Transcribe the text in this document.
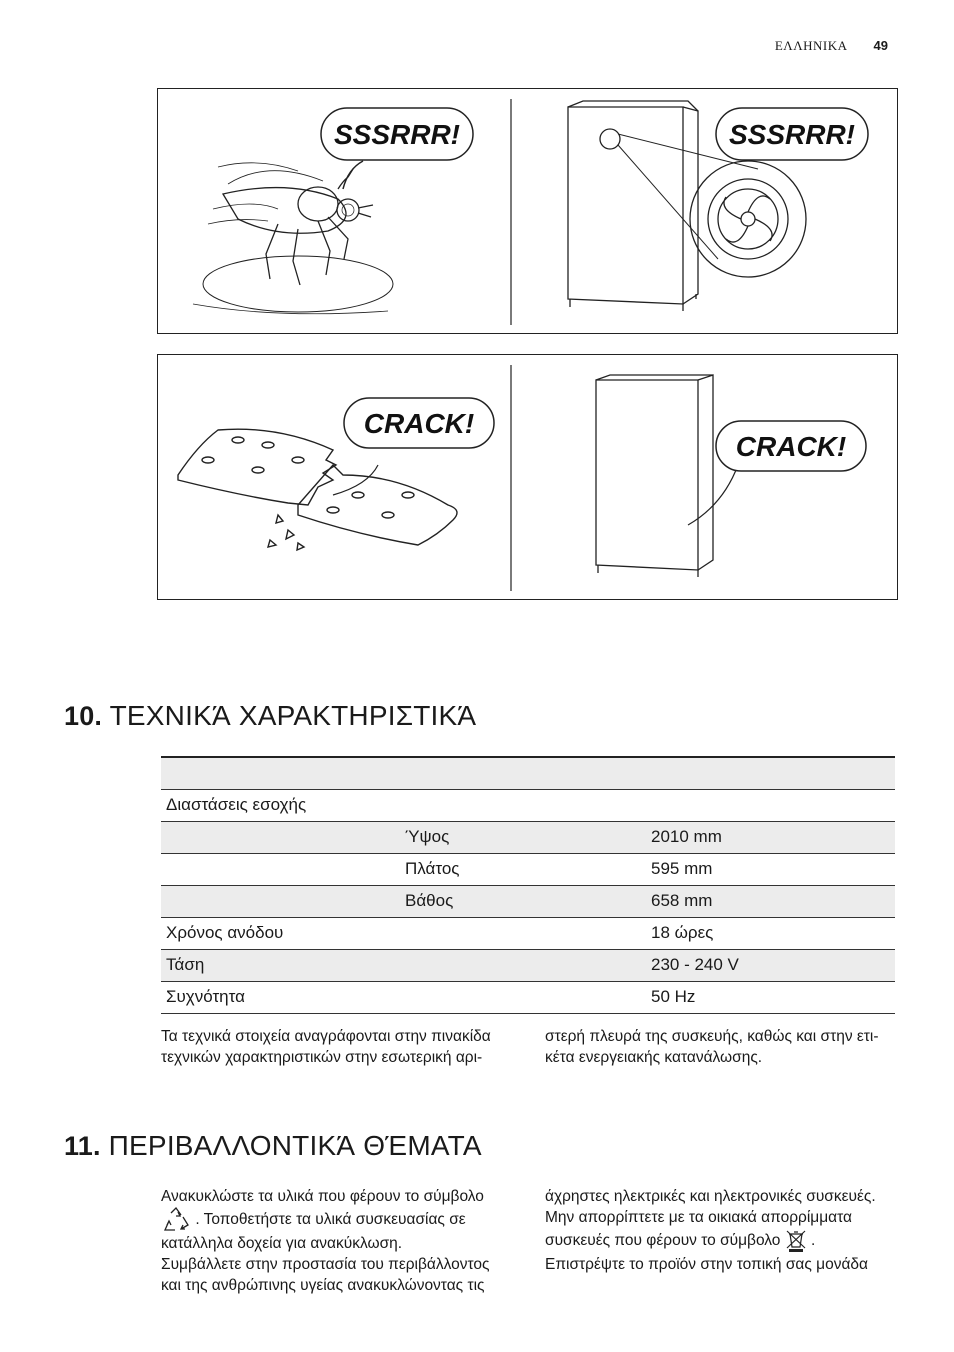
ΕΛΛΗΝΙΚΑ 49
SSSRRR!	SSSRRR!
CRACK!
CRACK!
10. ΤΕΧΝΙΚΆ ΧΑΡΑΚΤΗΡΙΣΤΙΚΆ

Διαστάσεις εσοχής		
	Ύψος	2010 mm
	Πλάτος	595 mm
	Βάθος	658 mm
Χρόνος ανόδου		18 ώρες
Τάση		230 - 240 V
Συχνότητα		50 Hz
Τα τεχνικά στοιχεία αναγράφονται στην πινακίδα
τεχνικών χαρακτηριστικών στην εσωτερική αρι-
στερή πλευρά της συσκευής, καθώς και στην ετι-
κέτα ενεργειακής κατανάλωσης.
11. ΠΕΡΙΒΑΛΛΟΝΤΙΚΆ ΘΈΜΑΤΑ
Ανακυκλώστε τα υλικά που φέρουν το σύμβολο
. Τοποθετήστε τα υλικά συσκευασίας σε
κατάλληλα δοχεία για ανακύκλωση.
Συμβάλλετε στην προστασία του περιβάλλοντος
και της ανθρώπινης υγείας ανακυκλώνοντας τις
άχρηστες ηλεκτρικές και ηλεκτρονικές συσκευές.
Μην απορρίπτετε με τα οικιακά απορρίμματα
συσκευές που φέρουν το σύμβολο .
Επιστρέψτε το προϊόν στην τοπική σας μονάδα
